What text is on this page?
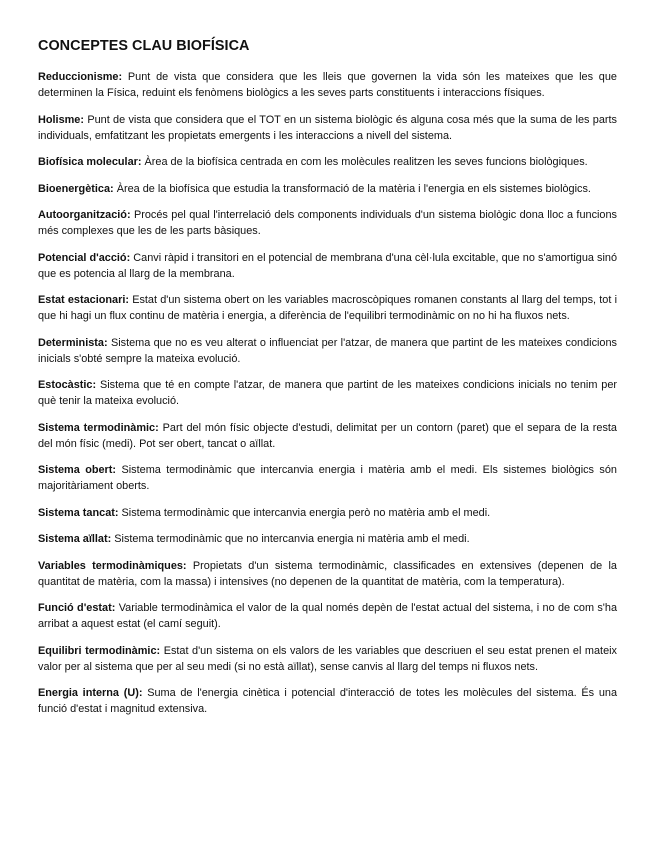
CONCEPTES CLAU BIOFÍSICA

Reduccionisme: Punt de vista que considera que les lleis que governen la vida són les mateixes que les que determinen la Física, reduint els fenòmens biològics a les seves parts constituents i interaccions físiques.

Holisme: Punt de vista que considera que el TOT en un sistema biològic és alguna cosa més que la suma de les parts individuals, emfatitzant les propietats emergents i les interaccions a nivell del sistema.

Biofísica molecular: Àrea de la biofísica centrada en com les molècules realitzen les seves funcions biològiques.

Bioenergètica: Àrea de la biofísica que estudia la transformació de la matèria i l'energia en els sistemes biològics.

Autoorganització: Procés pel qual l'interrelació dels components individuals d'un sistema biològic dona lloc a funcions més complexes que les de les parts bàsiques.

Potencial d'acció: Canvi ràpid i transitori en el potencial de membrana d'una cèl·lula excitable, que no s'amortigua sinó que es potencia al llarg de la membrana.

Estat estacionari: Estat d'un sistema obert on les variables macroscòpiques romanen constants al llarg del temps, tot i que hi hagi un flux continu de matèria i energia, a diferència de l'equilibri termodinàmic on no hi ha fluxos nets.

Determinista: Sistema que no es veu alterat o influenciat per l'atzar, de manera que partint de les mateixes condicions inicials s'obté sempre la mateixa evolució.

Estocàstic: Sistema que té en compte l'atzar, de manera que partint de les mateixes condicions inicials no tenim per què tenir la mateixa evolució.

Sistema termodinàmic: Part del món físic objecte d'estudi, delimitat per un contorn (paret) que el separa de la resta del món físic (medi). Pot ser obert, tancat o aïllat.

Sistema obert: Sistema termodinàmic que intercanvia energia i matèria amb el medi. Els sistemes biològics són majoritàriament oberts.

Sistema tancat: Sistema termodinàmic que intercanvia energia però no matèria amb el medi.

Sistema aïllat: Sistema termodinàmic que no intercanvia energia ni matèria amb el medi.

Variables termodinàmiques: Propietats d'un sistema termodinàmic, classificades en extensives (depenen de la quantitat de matèria, com la massa) i intensives (no depenen de la quantitat de matèria, com la temperatura).

Funció d'estat: Variable termodinàmica el valor de la qual només depèn de l'estat actual del sistema, i no de com s'ha arribat a aquest estat (el camí seguit).

Equilibri termodinàmic: Estat d'un sistema on els valors de les variables que descriuen el seu estat prenen el mateix valor per al sistema que per al seu medi (si no està aïllat), sense canvis al llarg del temps ni fluxos nets.

Energia interna (U): Suma de l'energia cinètica i potencial d'interacció de totes les molècules del sistema. És una funció d'estat i magnitud extensiva.
